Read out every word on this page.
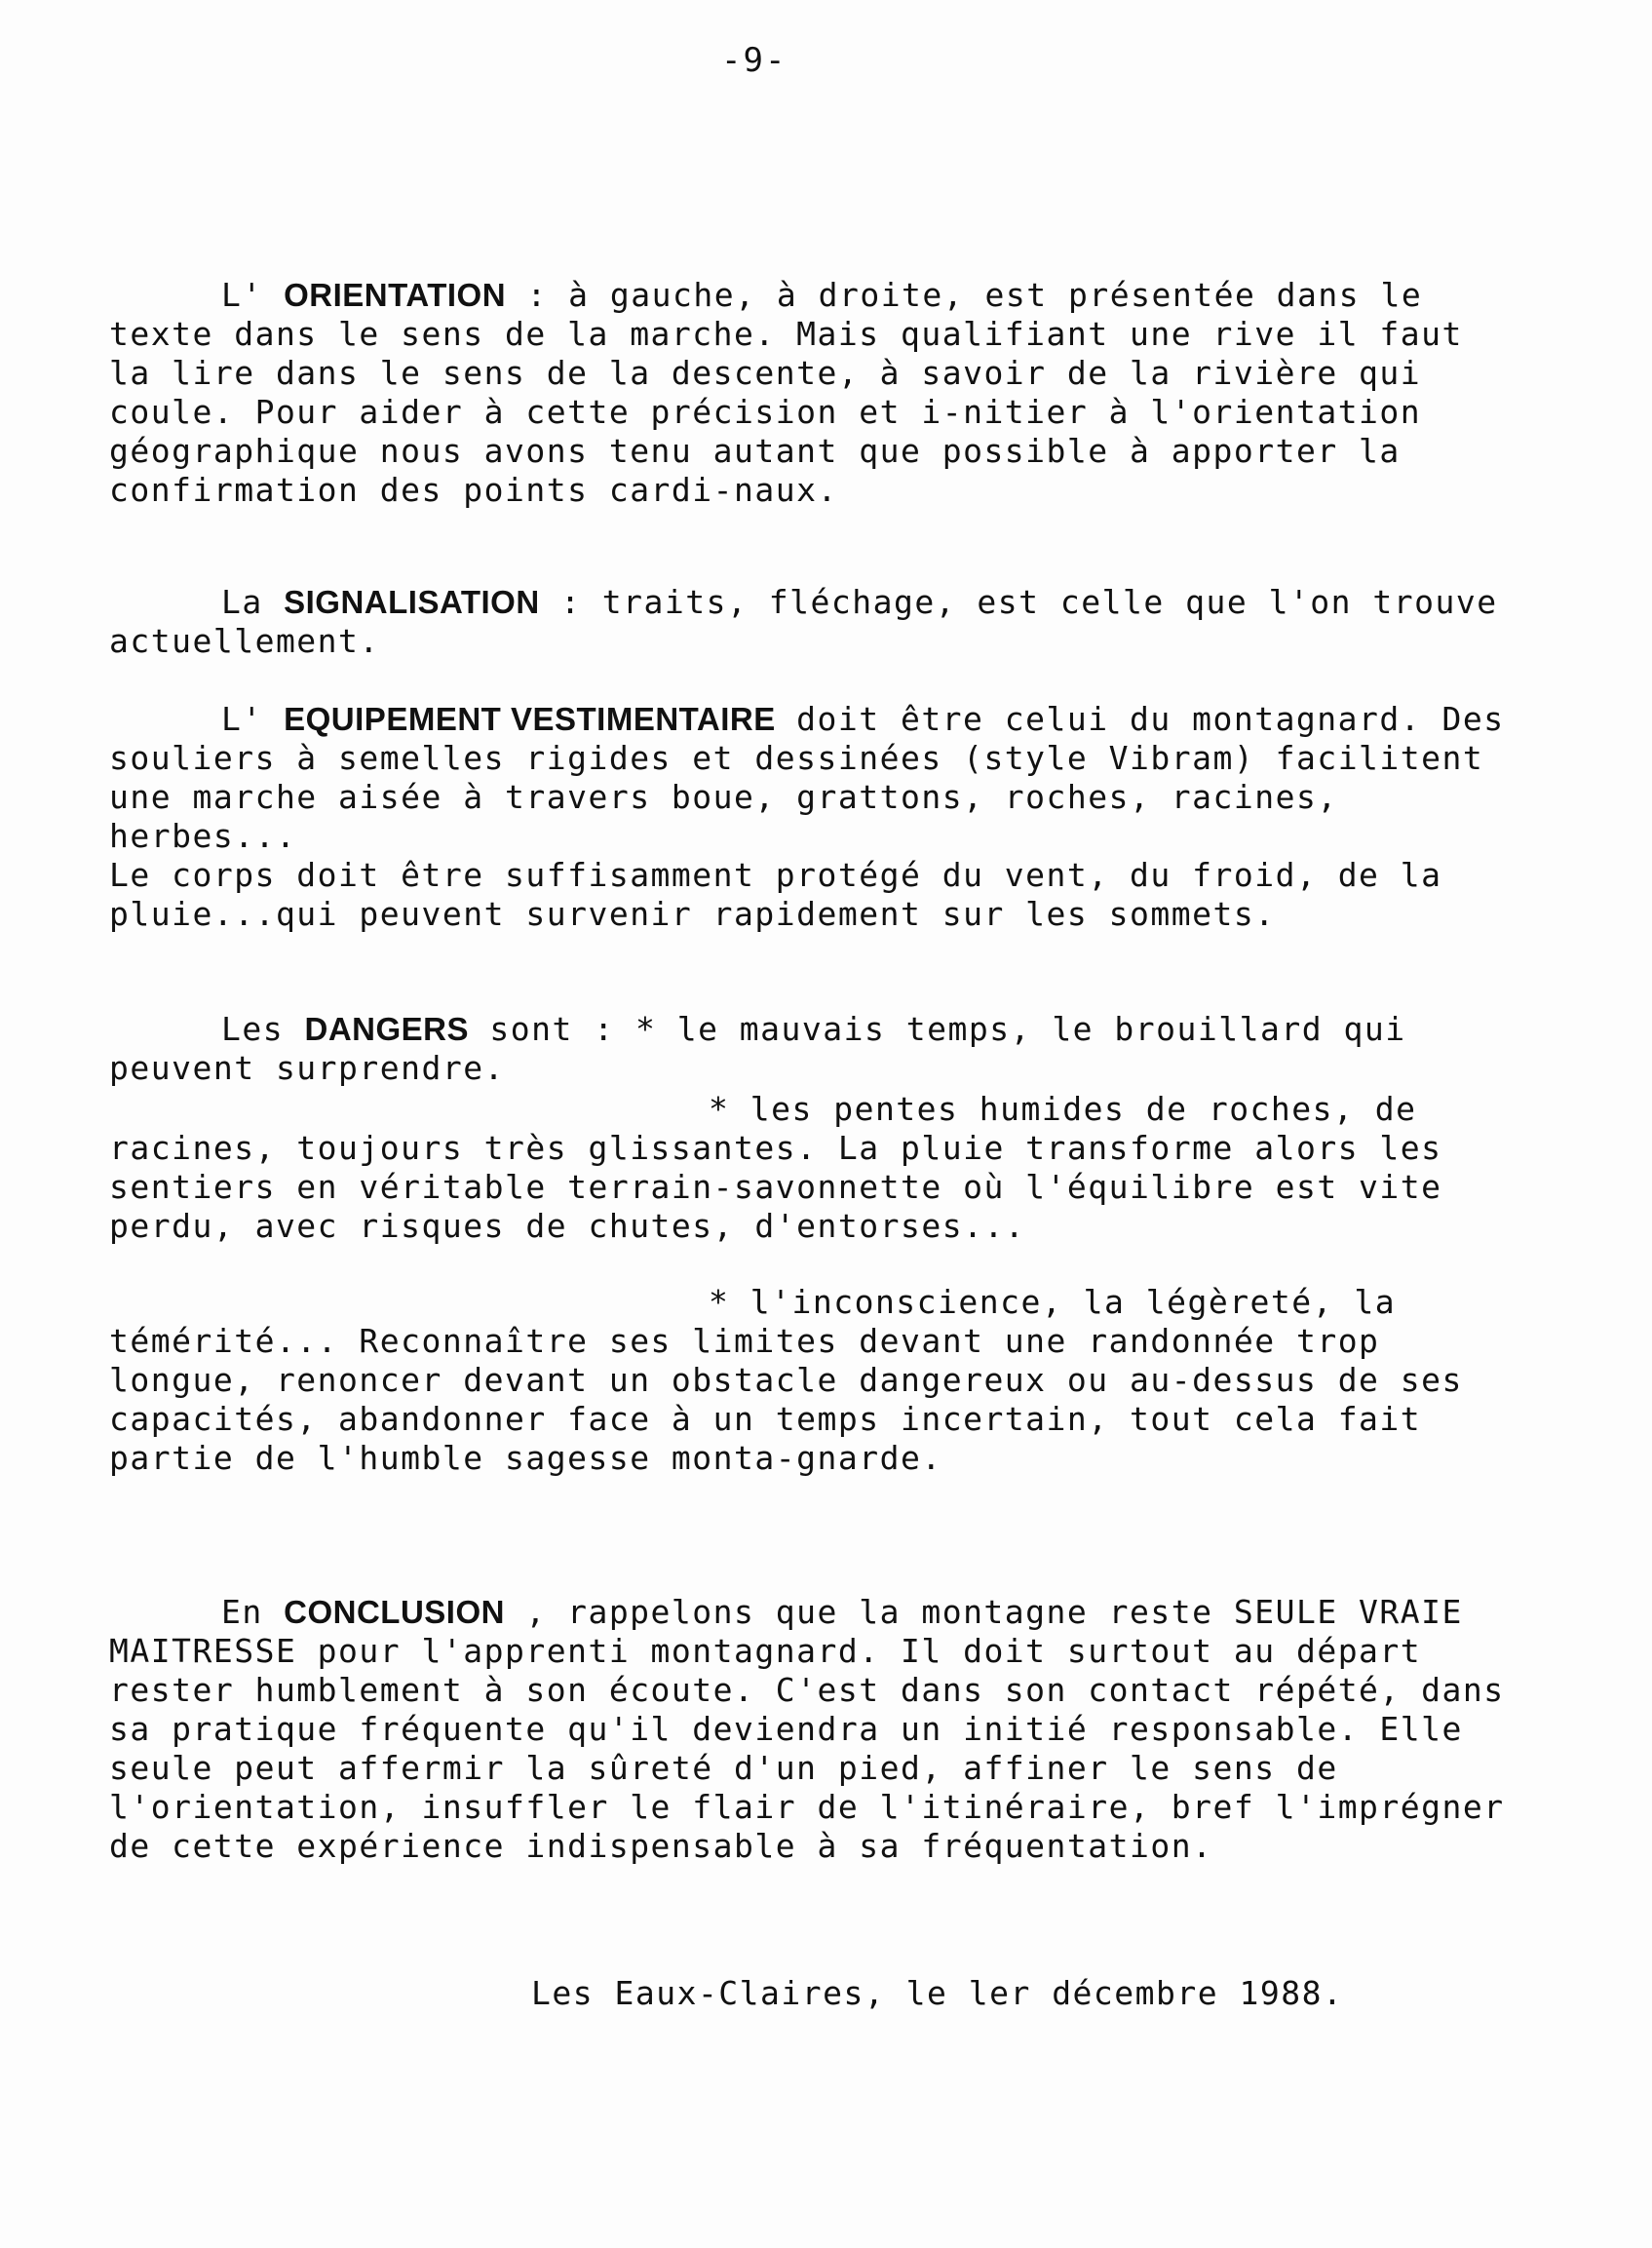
-9-

L' ORIENTATION : à gauche, à droite, est présentée dans le texte dans le sens de la marche. Mais qualifiant une rive il faut la lire dans le sens de la descente, à savoir de la rivière qui coule. Pour aider à cette précision et i-nitier à l'orientation géographique nous avons tenu autant que possible à apporter la confirmation des points cardi-naux.

La SIGNALISATION : traits, fléchage, est celle que l'on trouve actuellement.

L' EQUIPEMENT VESTIMENTAIRE doit être celui du montagnard. Des souliers à semelles rigides et dessinées (style Vibram) facilitent une marche aisée à travers boue, grattons, roches, racines, herbes...

Le corps doit être suffisamment protégé du vent, du froid, de la pluie...qui peuvent survenir rapidement sur les sommets.

Les DANGERS sont : * le mauvais temps, le brouillard qui peuvent surprendre.

* les pentes humides de roches, de

racines, toujours très glissantes. La pluie transforme alors les sentiers en véritable terrain-savonnette où l'équilibre est vite perdu, avec risques de chutes, d'entorses...

* l'inconscience, la légèreté, la

témérité... Reconnaître ses limites devant une randonnée trop longue, renoncer devant un obstacle dangereux ou au-dessus de ses capacités, abandonner face à un temps incertain, tout cela fait partie de l'humble sagesse monta-gnarde.

En CONCLUSION , rappelons que la montagne reste SEULE VRAIE MAITRESSE pour l'apprenti montagnard. Il doit surtout au départ rester humblement à son écoute. C'est dans son contact répété, dans sa pratique fréquente qu'il deviendra un initié responsable. Elle seule peut affermir la sûreté d'un pied, affiner le sens de l'orientation, insuffler le flair de l'itinéraire, bref l'imprégner de cette expérience indispensable à sa fréquentation.

Les Eaux-Claires, le ler décembre 1988.
